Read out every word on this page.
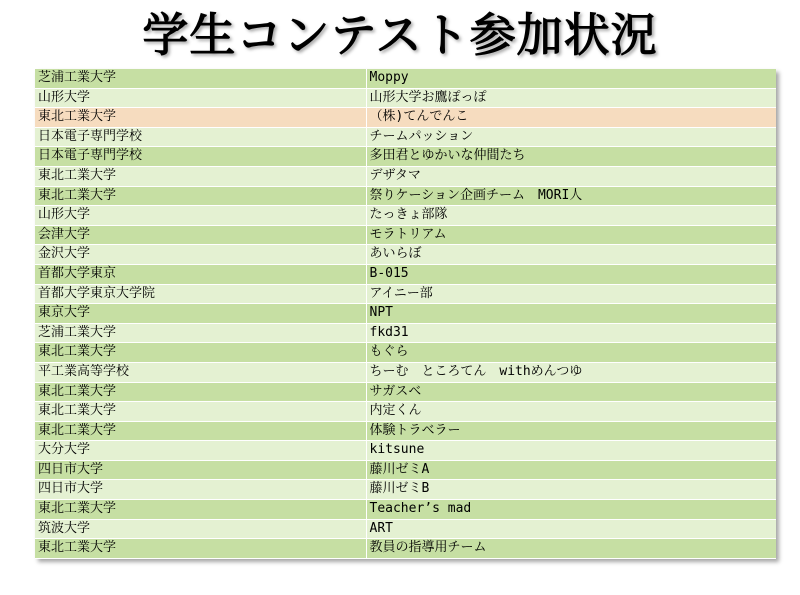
学生コンテスト参加状況
芝浦工業大学	Moppy
山形大学	山形大学お鷹ぽっぽ
東北工業大学	（株)てんでんこ
日本電子専門学校	チームパッション
日本電子専門学校	多田君とゆかいな仲間たち
東北工業大学	デザタマ
東北工業大学	祭りケーション企画チーム　MORI人
山形大学	たっきょ部隊
会津大学	モラトリアム
金沢大学	あいらぼ
首都大学東京	B-015
首都大学東京大学院	アイニー部
東京大学	NPT
芝浦工業大学	fkd31
東北工業大学	もぐら
平工業高等学校	ちーむ　ところてん　withめんつゆ
東北工業大学	サガスベ
東北工業大学	内定くん
東北工業大学	体験トラベラー
大分大学	kitsune
四日市大学	藤川ゼミA
四日市大学	藤川ゼミB
東北工業大学	Teacher’s mad
筑波大学	ART
東北工業大学	教員の指導用チーム
